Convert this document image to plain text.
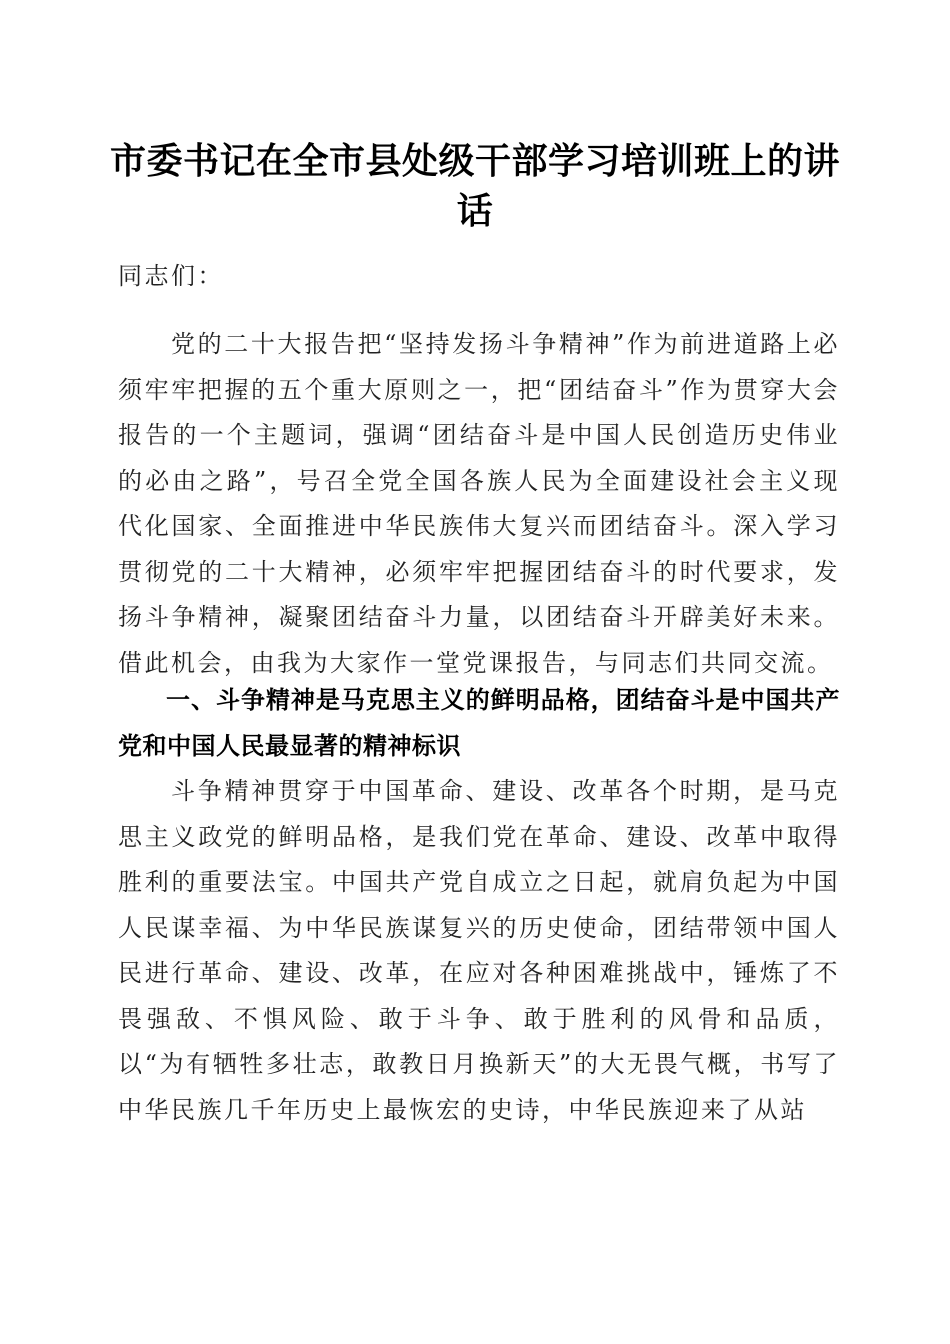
市委书记在全市县处级干部学习培训班上的讲话

同志们：

党的二十大报告把“坚持发扬斗争精神”作为前进道路上必须牢牢把握的五个重大原则之一，把“团结奋斗”作为贯穿大会报告的一个主题词，强调“团结奋斗是中国人民创造历史伟业的必由之路”，号召全党全国各族人民为全面建设社会主义现代化国家、全面推进中华民族伟大复兴而团结奋斗。深入学习贯彻党的二十大精神，必须牢牢把握团结奋斗的时代要求，发扬斗争精神，凝聚团结奋斗力量，以团结奋斗开辟美好未来。借此机会，由我为大家作一堂党课报告，与同志们共同交流。

一、斗争精神是马克思主义的鲜明品格，团结奋斗是中国共产党和中国人民最显著的精神标识

斗争精神贯穿于中国革命、建设、改革各个时期，是马克思主义政党的鲜明品格，是我们党在革命、建设、改革中取得胜利的重要法宝。中国共产党自成立之日起，就肩负起为中国人民谋幸福、为中华民族谋复兴的历史使命，团结带领中国人民进行革命、建设、改革，在应对各种困难挑战中，锤炼了不畏强敌、不惧风险、敢于斗争、敢于胜利的风骨和品质，以“为有牺牲多壮志，敢教日月换新天”的大无畏气概，书写了中华民族几千年历史上最恢宏的史诗，中华民族迎来了从站
